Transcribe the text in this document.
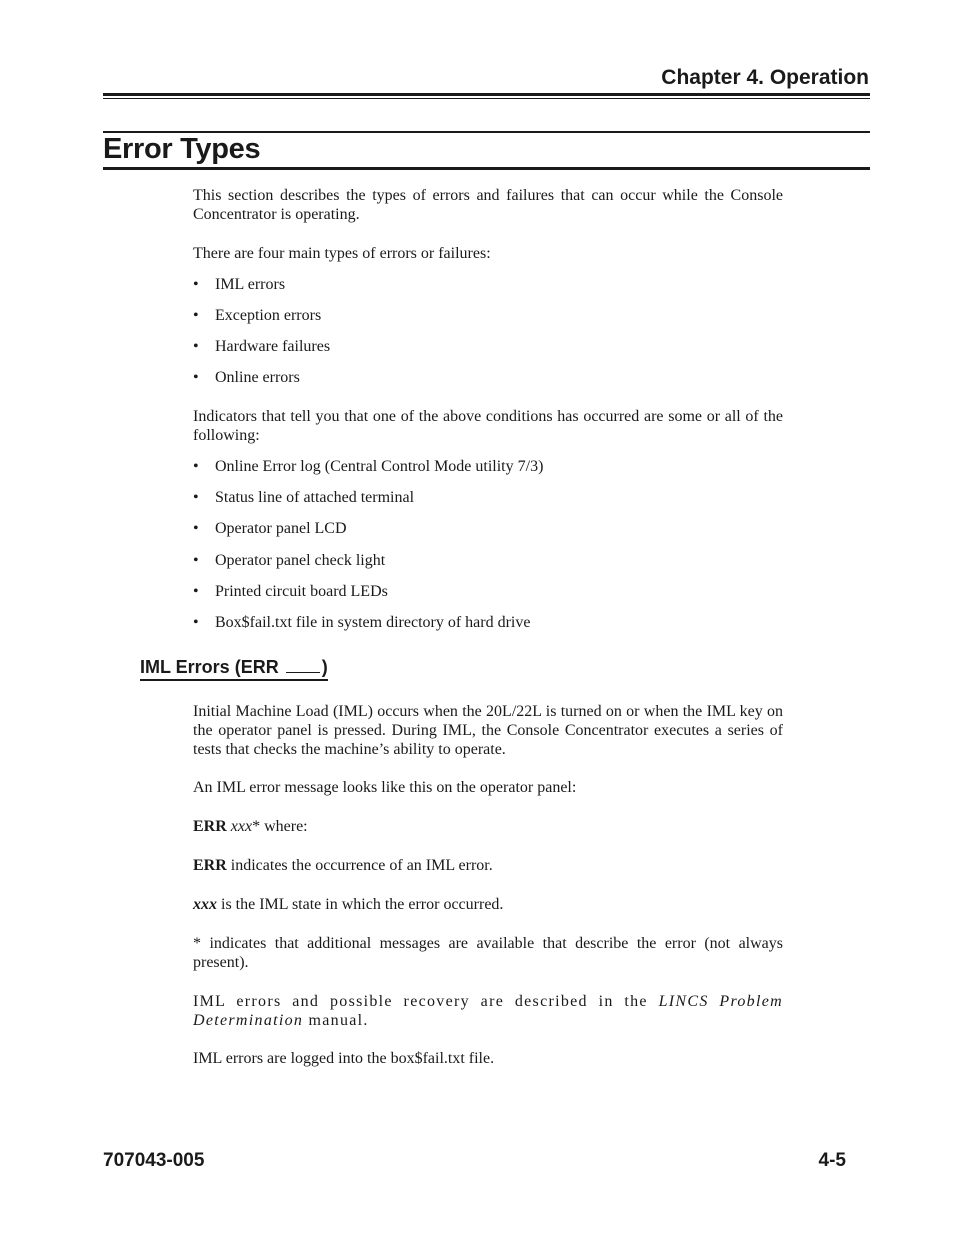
Chapter 4. Operation
Error Types

This section describes the types of errors and failures that can occur while the Console Concentrator is operating.

There are four main types of errors or failures:

• IML errors
• Exception errors
• Hardware failures
• Online errors

Indicators that tell you that one of the above conditions has occurred are some or all of the following:

• Online Error log (Central Control Mode utility 7/3)
• Status line of attached terminal
• Operator panel LCD
• Operator panel check light
• Printed circuit board LEDs
• Box$fail.txt file in system directory of hard drive
IML Errors (ERR )

Initial Machine Load (IML) occurs when the 20L/22L is turned on or when the IML key on the operator panel is pressed. During IML, the Console Concentrator executes a series of tests that checks the machine’s ability to operate.

An IML error message looks like this on the operator panel:

ERR xxx* where:
ERR indicates the occurrence of an IML error.
xxx is the IML state in which the error occurred.

* indicates that additional messages are available that describe the error (not always present).

IML errors and possible recovery are described in the LINCS Problem Determination manual.

IML errors are logged into the box$fail.txt file.

707043-005	4-5
